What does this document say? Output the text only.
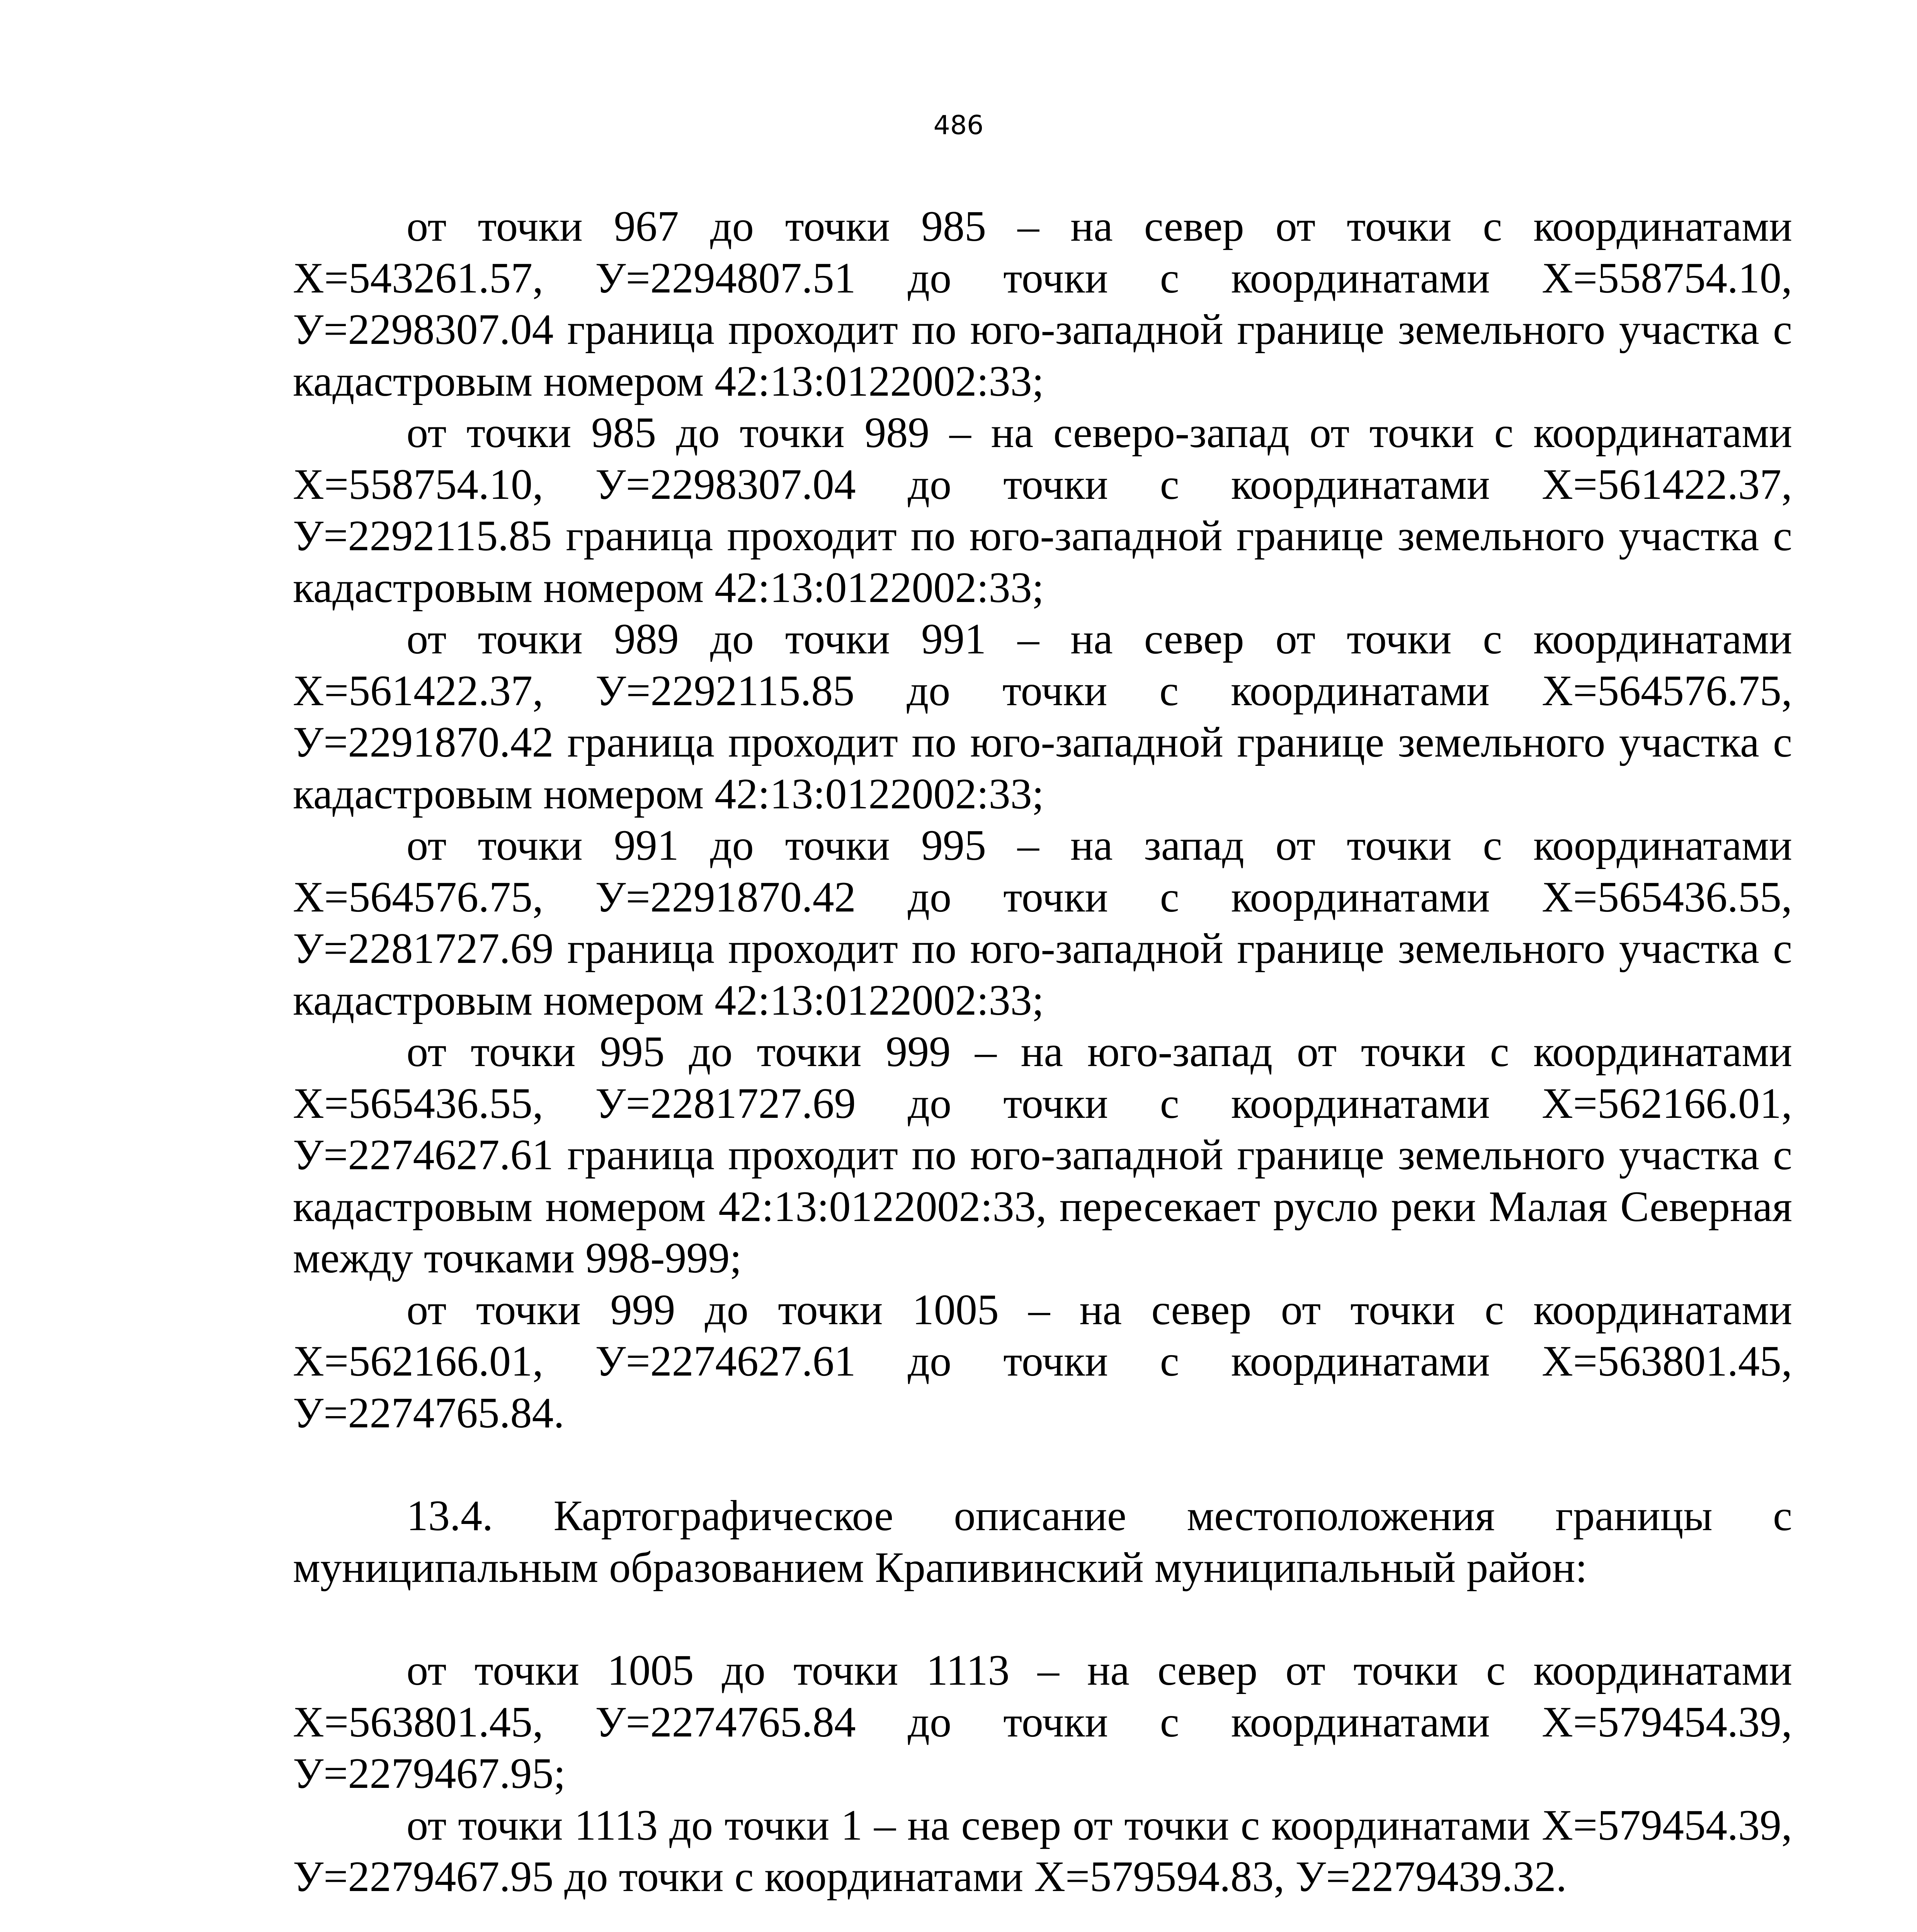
486

от точки 967 до точки 985 – на север от точки с координатами Х=543261.57, У=2294807.51 до точки с координатами Х=558754.10, У=2298307.04 граница проходит по юго-западной границе земельного участка с кадастровым номером 42:13:0122002:33;

от точки 985 до точки 989 – на северо-запад от точки с координатами Х=558754.10, У=2298307.04 до точки с координатами Х=561422.37, У=2292115.85 граница проходит по юго-западной границе земельного участка с кадастровым номером 42:13:0122002:33;

от точки 989 до точки 991 – на север от точки с координатами Х=561422.37, У=2292115.85 до точки с координатами Х=564576.75, У=2291870.42 граница проходит по юго-западной границе земельного участка с кадастровым номером 42:13:0122002:33;

от точки 991 до точки 995 – на запад от точки с координатами Х=564576.75, У=2291870.42 до точки с координатами Х=565436.55, У=2281727.69 граница проходит по юго-западной границе земельного участка с кадастровым номером 42:13:0122002:33;

от точки 995 до точки 999 – на юго-запад от точки с координатами Х=565436.55, У=2281727.69 до точки с координатами Х=562166.01, У=2274627.61 граница проходит по юго-западной границе земельного участка с кадастровым номером 42:13:0122002:33, пересекает русло реки Малая Северная между точками 998-999;

от точки 999 до точки 1005 – на север от точки с координатами Х=562166.01, У=2274627.61 до точки с координатами Х=563801.45, У=2274765.84.

13.4. Картографическое описание местоположения границы с муниципальным образованием Крапивинский муниципальный район:

от точки 1005 до точки 1113 – на север от точки с координатами Х=563801.45, У=2274765.84 до точки с координатами Х=579454.39, У=2279467.95;

от точки 1113 до точки 1 – на север от точки с координатами Х=579454.39, У=2279467.95 до точки с координатами Х=579594.83, У=2279439.32.
